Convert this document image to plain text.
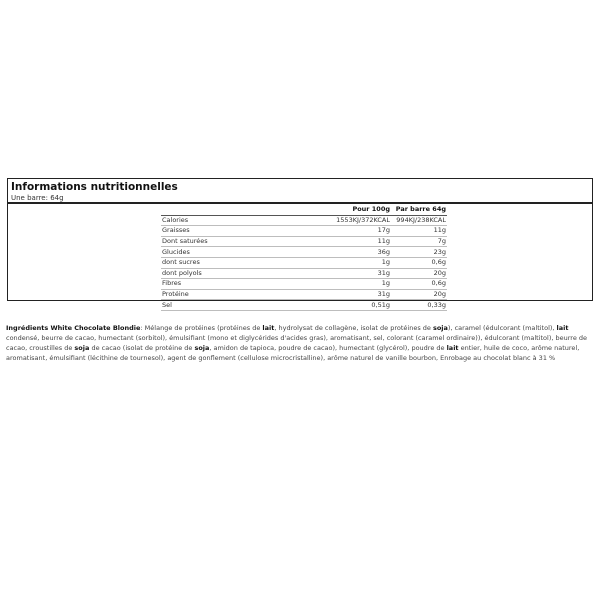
Informations nutritionnelles
Une barre: 64g
	Pour 100g	Par barre 64g
Calories	1553KJ/372KCAL	994KJ/238KCAL
Graisses	17g	11g
Dont saturées	11g	7g
Glucides	36g	23g
dont sucres	1g	0,6g
dont polyols	31g	20g
Fibres	1g	0,6g
Protéine	31g	20g
Sel	0,51g	0,33g

Ingrédients White Chocolate Blondie: Mélange de protéines (protéines de lait, hydrolysat de collagène, isolat de protéines de soja), caramel (édulcorant (maltitol), lait condensé, beurre de cacao, humectant (sorbitol), émulsifiant (mono et diglycérides d'acides gras), aromatisant, sel, colorant (caramel ordinaire)), édulcorant (maltitol), beurre de cacao, croustilles de soja de cacao (isolat de protéine de soja, amidon de tapioca, poudre de cacao), humectant (glycérol), poudre de lait entier, huile de coco, arôme naturel, aromatisant, émulsifiant (lécithine de tournesol), agent de gonflement (cellulose microcristalline), arôme naturel de vanille bourbon, Enrobage au chocolat blanc à 31 %
